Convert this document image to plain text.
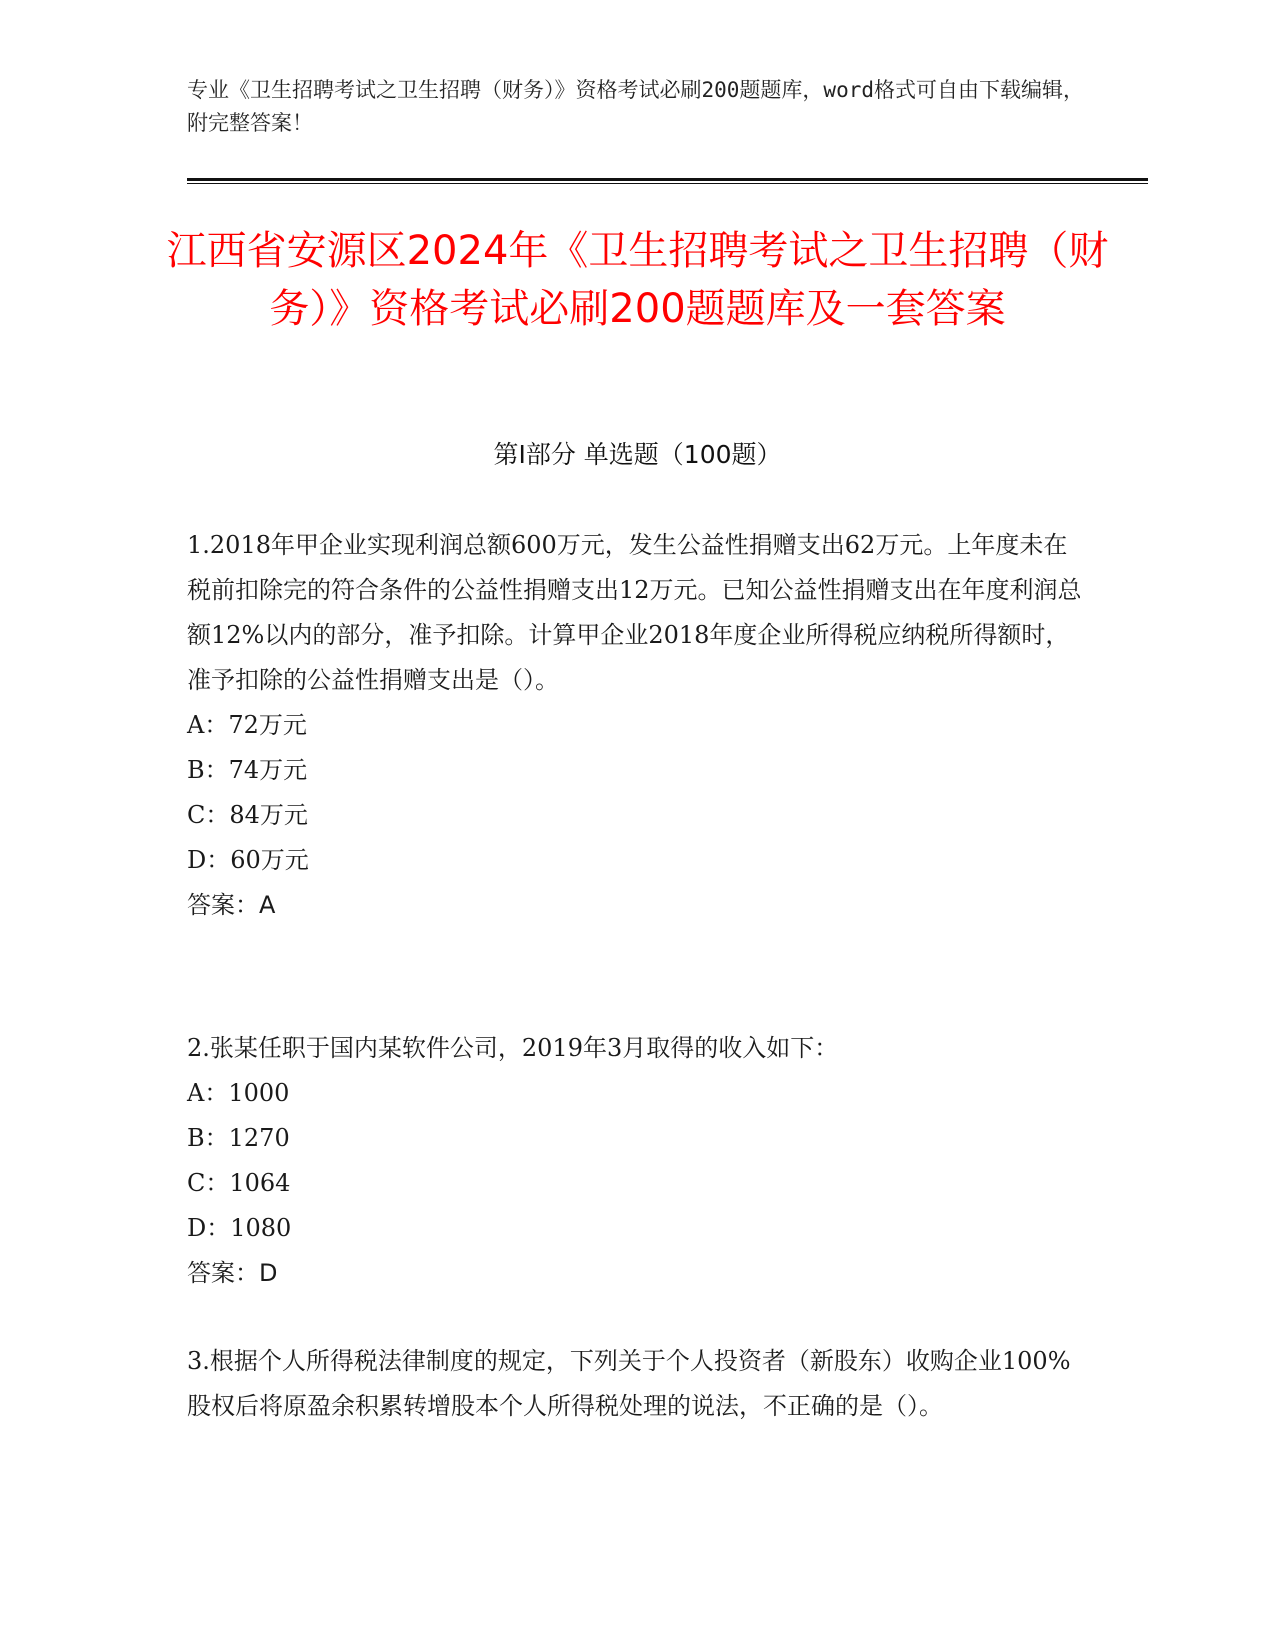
专业《卫生招聘考试之卫生招聘（财务）》资格考试必刷200题题库，word格式可自由下载编辑，附完整答案！
江西省安源区2024年《卫生招聘考试之卫生招聘（财务）》资格考试必刷200题题库及一套答案
第Ⅰ部分 单选题（100题）

1.2018年甲企业实现利润总额600万元，发生公益性捐赠支出62万元。上年度未在税前扣除完的符合条件的公益性捐赠支出12万元。已知公益性捐赠支出在年度利润总额12%以内的部分，准予扣除。计算甲企业2018年度企业所得税应纳税所得额时，准予扣除的公益性捐赠支出是（）。

A：72万元

B：74万元

C：84万元

D：60万元

答案：A

2.张某任职于国内某软件公司，2019年3月取得的收入如下：

A：1000

B：1270

C：1064

D：1080

答案：D

3.根据个人所得税法律制度的规定，下列关于个人投资者（新股东）收购企业100%股权后将原盈余积累转增股本个人所得税处理的说法，不正确的是（）。
